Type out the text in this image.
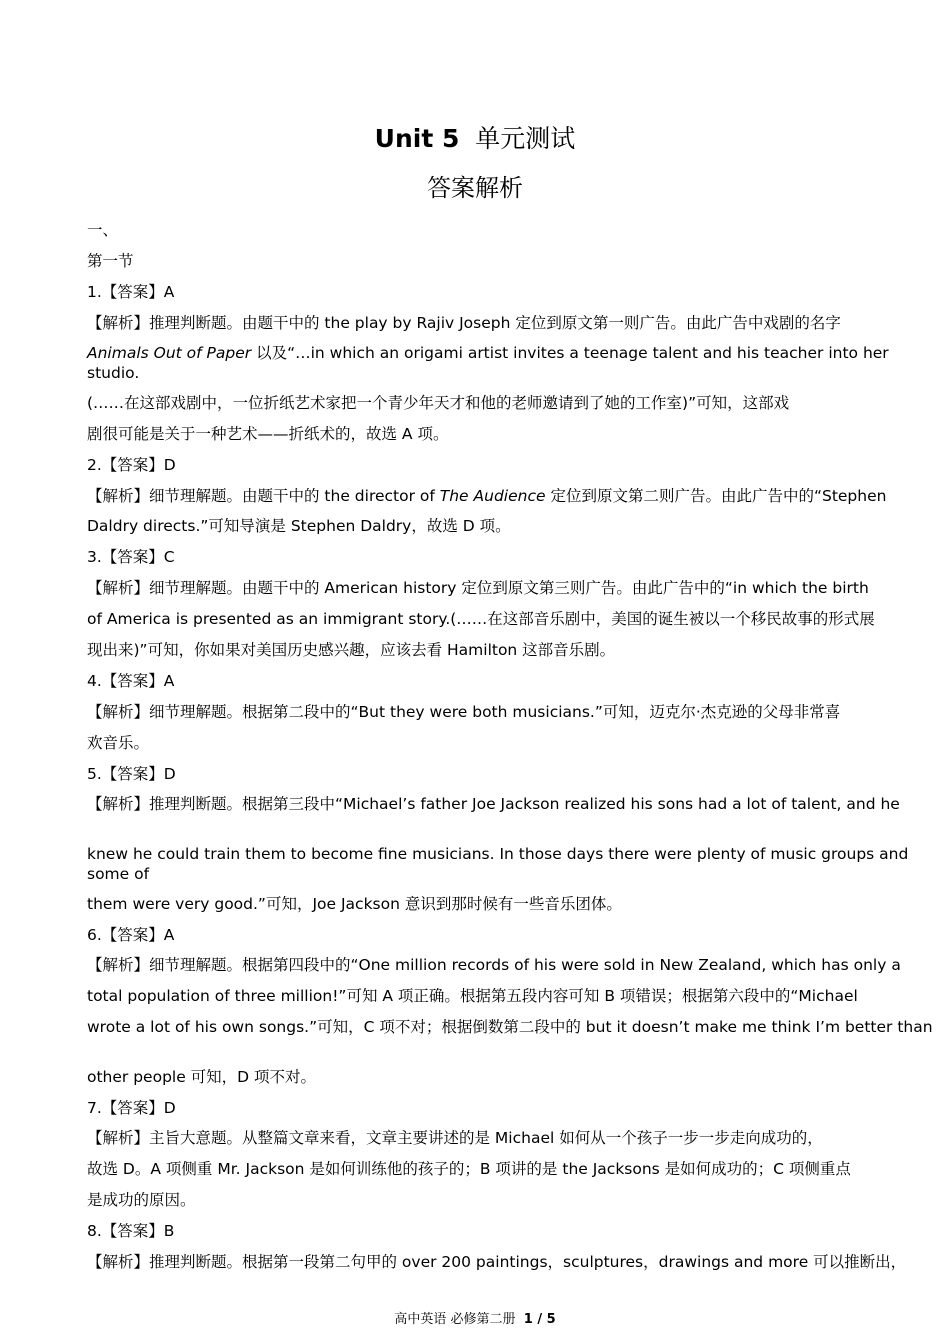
Unit 5 单元测试
答案解析
一、
第一节
1.【答案】A
【解析】推理判断题。由题干中的 the play by Rajiv Joseph 定位到原文第一则广告。由此广告中戏剧的名字
Animals Out of Paper 以及“…in which an origami artist invites a teenage talent and his teacher into her studio.
(……在这部戏剧中，一位折纸艺术家把一个青少年天才和他的老师邀请到了她的工作室)”可知，这部戏
剧很可能是关于一种艺术——折纸术的，故选 A 项。
2.【答案】D
【解析】细节理解题。由题干中的 the director of The Audience 定位到原文第二则广告。由此广告中的“Stephen
Daldry directs.”可知导演是 Stephen Daldry，故选 D 项。
3.【答案】C
【解析】细节理解题。由题干中的 American history 定位到原文第三则广告。由此广告中的“in which the birth
of America is presented as an immigrant story.(……在这部音乐剧中，美国的诞生被以一个移民故事的形式展
现出来)”可知，你如果对美国历史感兴趣，应该去看 Hamilton 这部音乐剧。
4.【答案】A
【解析】细节理解题。根据第二段中的“But they were both musicians.”可知，迈克尔·杰克逊的父母非常喜
欢音乐。
5.【答案】D
【解析】推理判断题。根据第三段中“Michael’s father Joe Jackson realized his sons had a lot of talent, and he
knew he could train them to become fine musicians. In those days there were plenty of music groups and some of
them were very good.”可知，Joe Jackson 意识到那时候有一些音乐团体。
6.【答案】A
【解析】细节理解题。根据第四段中的“One million records of his were sold in New Zealand, which has only a
total population of three million!”可知 A 项正确。根据第五段内容可知 B 项错误；根据第六段中的“Michael
wrote a lot of his own songs.”可知，C 项不对；根据倒数第二段中的 but it doesn’t make me think I’m better than
other people 可知，D 项不对。
7.【答案】D
【解析】主旨大意题。从整篇文章来看，文章主要讲述的是 Michael 如何从一个孩子一步一步走向成功的，
故选 D。A 项侧重 Mr. Jackson 是如何训练他的孩子的；B 项讲的是 the Jacksons 是如何成功的；C 项侧重点
是成功的原因。
8.【答案】B
【解析】推理判断题。根据第一段第二句甲的 over 200 paintings，sculptures，drawings and more 可以推断出，
高中英语 必修第二册 1 / 5
